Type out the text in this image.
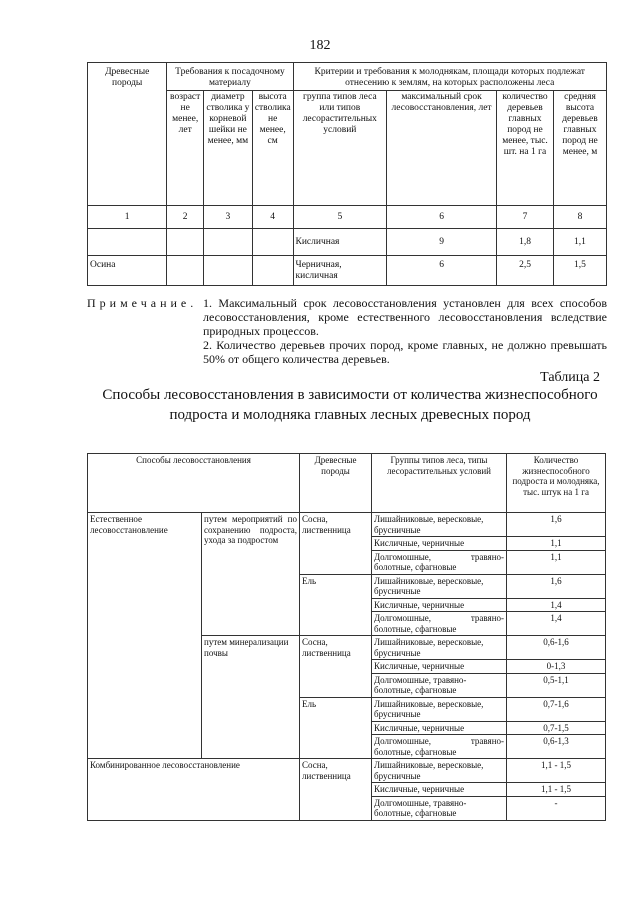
182
Древесные породы	Требования к посадочному материалу			Критерии и требования к молоднякам, площади которых подлежат отнесению к землям, на которых расположены леса			
	возраст не менее, лет	диаметр стволика у корневой шейки не менее, мм	высота стволика не менее, см	группа типов леса или типов лесорастительных условий	максимальный срок лесовосстановления, лет	количество деревьев главных пород не менее, тыс. шт. на 1 га	средняя высота деревьев главных пород не менее, м
1	2	3	4	5	6	7	8
				Кисличная	9	1,8	1,1
Осина				Черничная, кисличная	6	2,5	1,5
Примечание. 1. Максимальный срок лесовосстановления установлен для всех способов лесовосстановления, кроме естественного лесовосстановления вследствие природных процессов.
2. Количество деревьев прочих пород, кроме главных, не должно превышать 50% от общего количества деревьев.
Таблица 2
Способы лесовосстановления в зависимости от количества жизнеспособного подроста и молодняка главных лесных древесных пород
Способы лесовосстановления		Древесные породы	Группы типов леса, типы лесорастительных условий	Количество жизнеспособного подроста и молодняка, тыс. штук на 1 га
Естественное лесовосстановление	путем мероприятий по сохранению подроста, ухода за подростом	Сосна, лиственница	Лишайниковые, вересковые, брусничные	1,6
			Кисличные, черничные	1,1
			Долгомошные, травяно-болотные, сфагновые	1,1
		Ель	Лишайниковые, вересковые, брусничные	1,6
			Кисличные, черничные	1,4
			Долгомошные, травяно-болотные, сфагновые	1,4
	путем минерализации почвы	Сосна, лиственница	Лишайниковые, вересковые, брусничные	0,6-1,6
			Кисличные, черничные	0-1,3
			Долгомошные, травяно-болотные, сфагновые	0,5-1,1
		Ель	Лишайниковые, вересковые, брусничные	0,7-1,6
			Кисличные, черничные	0,7-1,5
			Долгомошные, травяно-болотные, сфагновые	0,6-1,3
Комбинированное лесовосстановление		Сосна, лиственница	Лишайниковые, вересковые, брусничные	1,1 - 1,5
			Кисличные, черничные	1,1 - 1,5
			Долгомошные, травяно-болотные, сфагновые	-
